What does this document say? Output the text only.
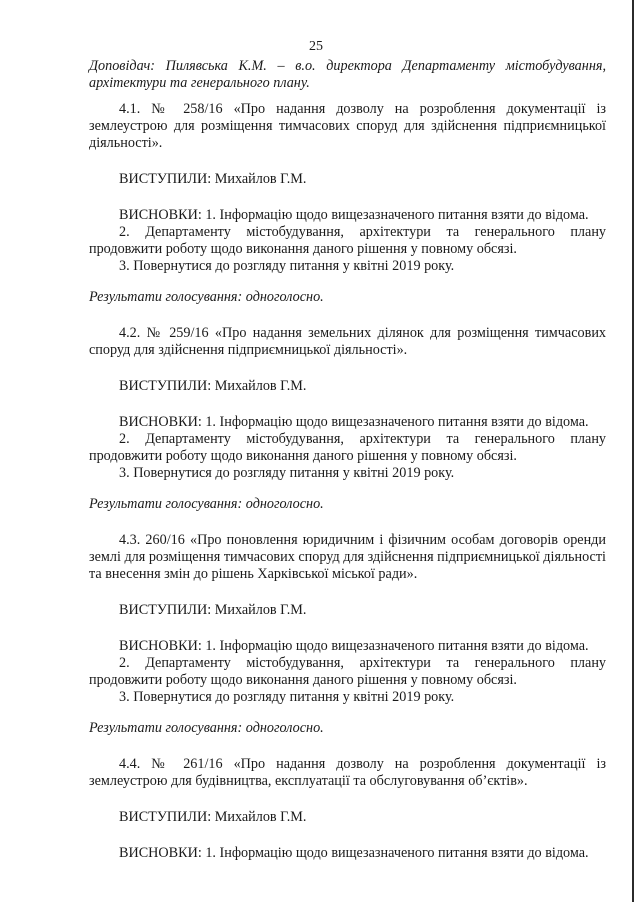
25

Доповідач: Пилявська К.М. – в.о. директора Департаменту містобудування, архітектури та генерального плану.

4.1. № 258/16 «Про надання дозволу на розроблення документації із землеустрою для розміщення тимчасових споруд для здійснення підприємницької діяльності».

ВИСТУПИЛИ: Михайлов Г.М.

ВИСНОВКИ: 1. Інформацію щодо вищезазначеного питання взяти до відома.

2. Департаменту містобудування, архітектури та генерального плану продовжити роботу щодо виконання даного рішення у повному обсязі.

3. Повернутися до розгляду питання у квітні 2019 року.

Результати голосування: одноголосно.

4.2. № 259/16 «Про надання земельних ділянок для розміщення тимчасових споруд для здійснення підприємницької діяльності».

ВИСТУПИЛИ: Михайлов Г.М.

ВИСНОВКИ: 1. Інформацію щодо вищезазначеного питання взяти до відома.

2. Департаменту містобудування, архітектури та генерального плану продовжити роботу щодо виконання даного рішення у повному обсязі.

3. Повернутися до розгляду питання у квітні 2019 року.

Результати голосування: одноголосно.

4.3. 260/16 «Про поновлення юридичним і фізичним особам договорів оренди землі для розміщення тимчасових споруд для здійснення підприємницької діяльності та внесення змін до рішень Харківської міської ради».

ВИСТУПИЛИ: Михайлов Г.М.

ВИСНОВКИ: 1. Інформацію щодо вищезазначеного питання взяти до відома.

2. Департаменту містобудування, архітектури та генерального плану продовжити роботу щодо виконання даного рішення у повному обсязі.

3. Повернутися до розгляду питання у квітні 2019 року.

Результати голосування: одноголосно.

4.4. № 261/16 «Про надання дозволу на розроблення документації із землеустрою для будівництва, експлуатації та обслуговування об’єктів».

ВИСТУПИЛИ: Михайлов Г.М.

ВИСНОВКИ: 1. Інформацію щодо вищезазначеного питання взяти до відома.
